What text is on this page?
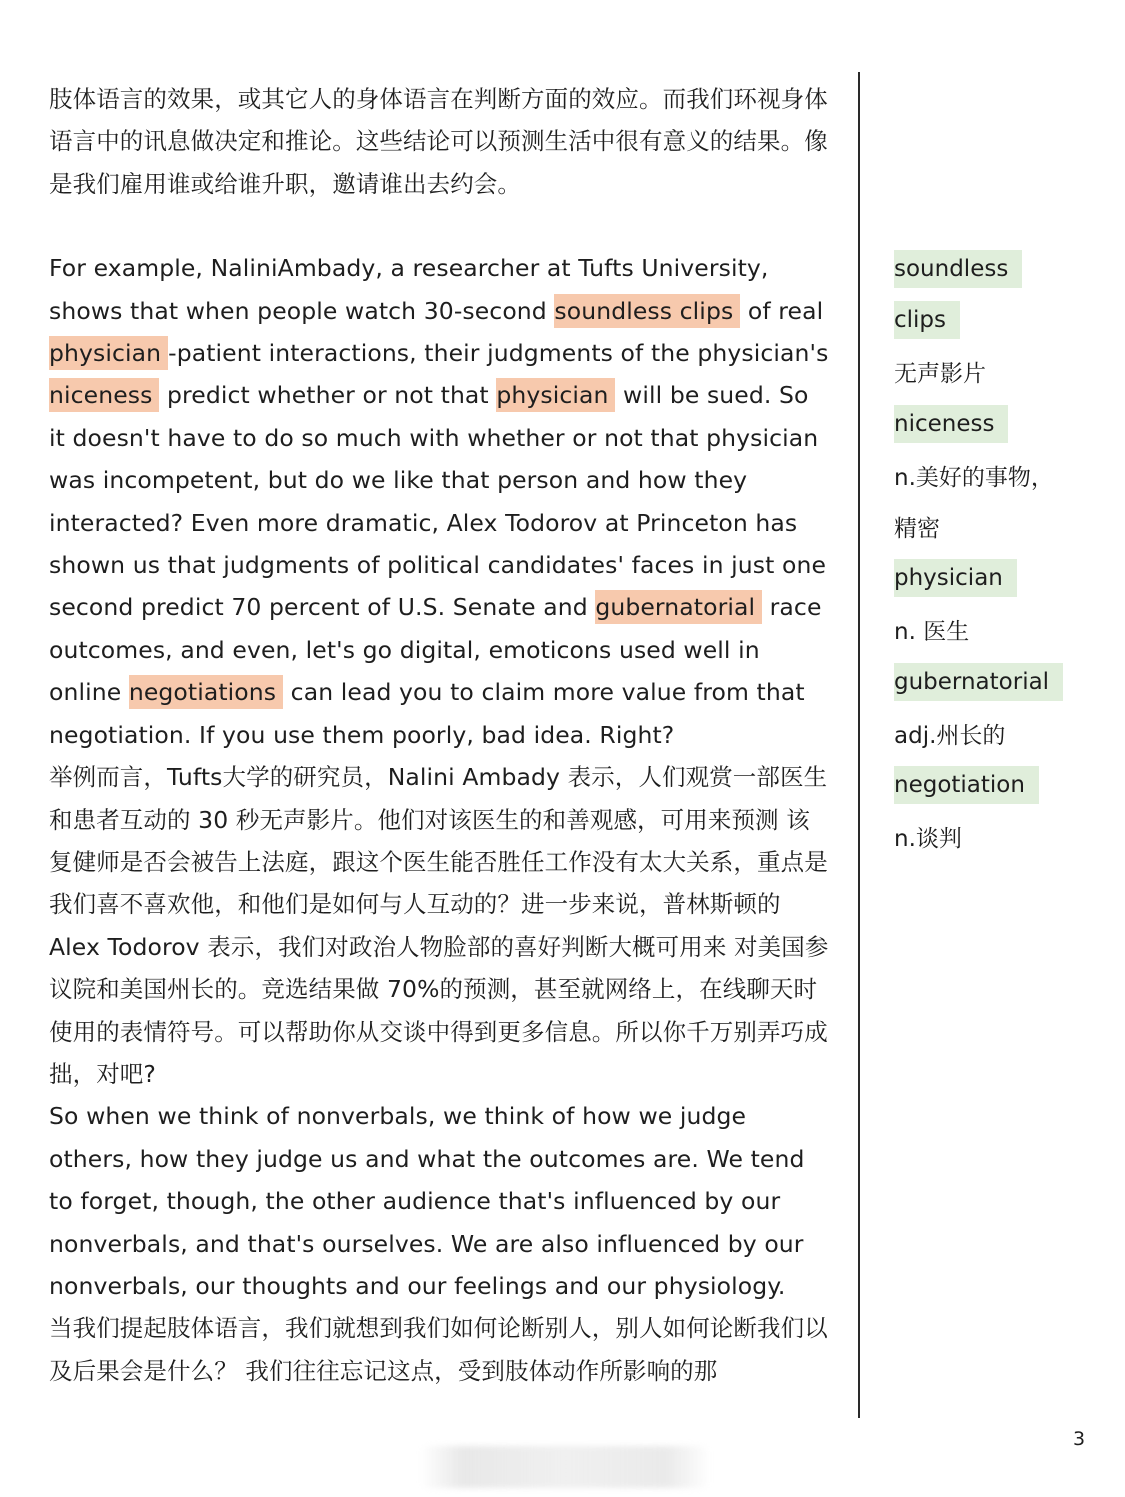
肢体语言的效果，或其它人的身体语言在判断方面的效应。而我们环视身体语言中的讯息做决定和推论。这些结论可以预测生活中很有意义的结果。像是我们雇用谁或给谁升职，邀请谁出去约会。

For example, NaliniAmbady, a researcher at Tufts University, shows that when people watch 30-second soundless clips of real physician -patient interactions, their judgments of the physician's niceness predict whether or not that physician will be sued. So it doesn't have to do so much with whether or not that physician was incompetent, but do we like that person and how they interacted? Even more dramatic, Alex Todorov at Princeton has shown us that judgments of political candidates' faces in just one second predict 70 percent of U.S. Senate and gubernatorial race outcomes, and even, let's go digital, emoticons used well in online negotiations can lead you to claim more value from that negotiation. If you use them poorly, bad idea. Right?

举例而言，Tufts大学的研究员，Nalini Ambady 表示，人们观赏一部医生和患者互动的 30 秒无声影片。他们对该医生的和善观感，可用来预测 该复健师是否会被告上法庭，跟这个医生能否胜任工作没有太大关系，重点是我们喜不喜欢他，和他们是如何与人互动的？进一步来说，普林斯顿的 Alex Todorov 表示，我们对政治人物脸部的喜好判断大概可用来 对美国参议院和美国州长的。竞选结果做 70%的预测，甚至就网络上，在线聊天时使用的表情符号。可以帮助你从交谈中得到更多信息。所以你千万别弄巧成拙，对吧?

So when we think of nonverbals, we think of how we judge others, how they judge us and what the outcomes are. We tend to forget, though, the other audience that's influenced by our nonverbals, and that's ourselves. We are also influenced by our nonverbals, our thoughts and our feelings and our physiology.

当我们提起肢体语言，我们就想到我们如何论断别人，别人如何论断我们以及后果会是什么？ 我们往往忘记这点，受到肢体动作所影响的那

soundless
clips
无声影片
niceness
n.美好的事物，
精密
physician
n. 医生
gubernatorial
adj.州长的
negotiation
n.谈判
3
